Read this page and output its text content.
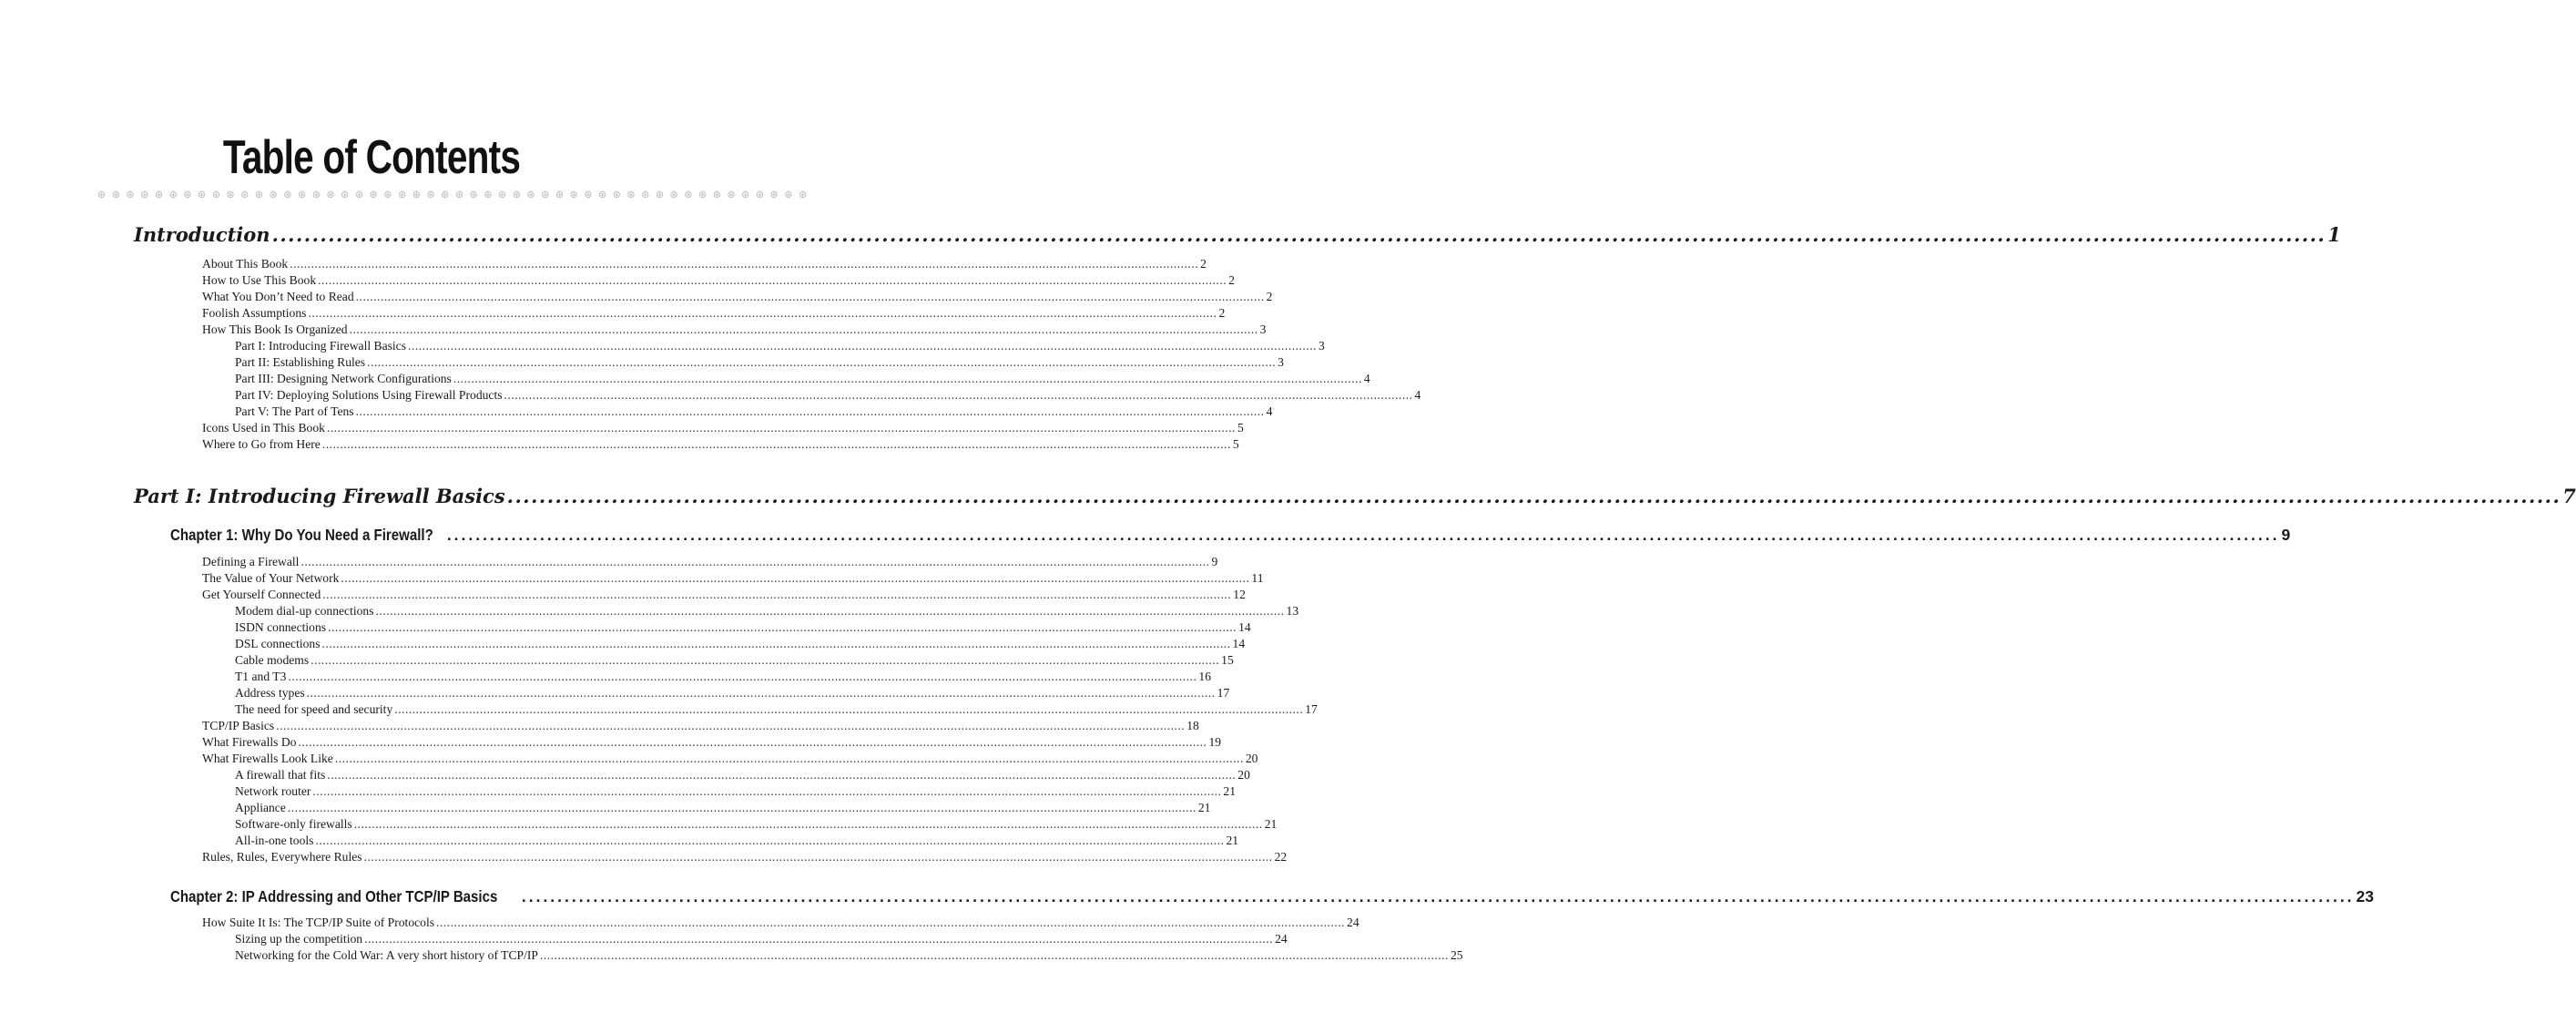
Table of Contents
⊛ ⊛ ⊛ ⊛ ⊛ ⊛ ⊛ ⊛ ⊛ ⊛ ⊛ ⊛ ⊛ ⊛ ⊛ ⊛ ⊛ ⊛ ⊛ ⊛ ⊛ ⊛ ⊛ ⊛ ⊛ ⊛ ⊛ ⊛ ⊛ ⊛ ⊛ ⊛ ⊛ ⊛ ⊛ ⊛ ⊛ ⊛ ⊛ ⊛ ⊛ ⊛ ⊛ ⊛ ⊛ ⊛ ⊛ ⊛ ⊛ ⊛
Introduction .....	1
About This Book .....	2
How to Use This Book .....	2
What You Don’t Need to Read .....	2
Foolish Assumptions .....	2
How This Book Is Organized .....	3
Part I: Introducing Firewall Basics .....	3
Part II: Establishing Rules .....	3
Part III: Designing Network Configurations .....	4
Part IV: Deploying Solutions Using Firewall Products .....	4
Part V: The Part of Tens .....	4
Icons Used in This Book .....	5
Where to Go from Here .....	5
Part I: Introducing Firewall Basics .....	7
Chapter 1: Why Do You Need a Firewall? .....	9
Defining a Firewall .....	9
The Value of Your Network .....	11
Get Yourself Connected .....	12
Modem dial-up connections .....	13
ISDN connections .....	14
DSL connections .....	14
Cable modems .....	15
T1 and T3 .....	16
Address types .....	17
The need for speed and security .....	17
TCP/IP Basics .....	18
What Firewalls Do .....	19
What Firewalls Look Like .....	20
A firewall that fits .....	20
Network router .....	21
Appliance .....	21
Software-only firewalls .....	21
All-in-one tools .....	21
Rules, Rules, Everywhere Rules .....	22
Chapter 2: IP Addressing and Other TCP/IP Basics .....	23
How Suite It Is: The TCP/IP Suite of Protocols .....	24
Sizing up the competition .....	24
Networking for the Cold War: A very short history of TCP/IP .....	25
